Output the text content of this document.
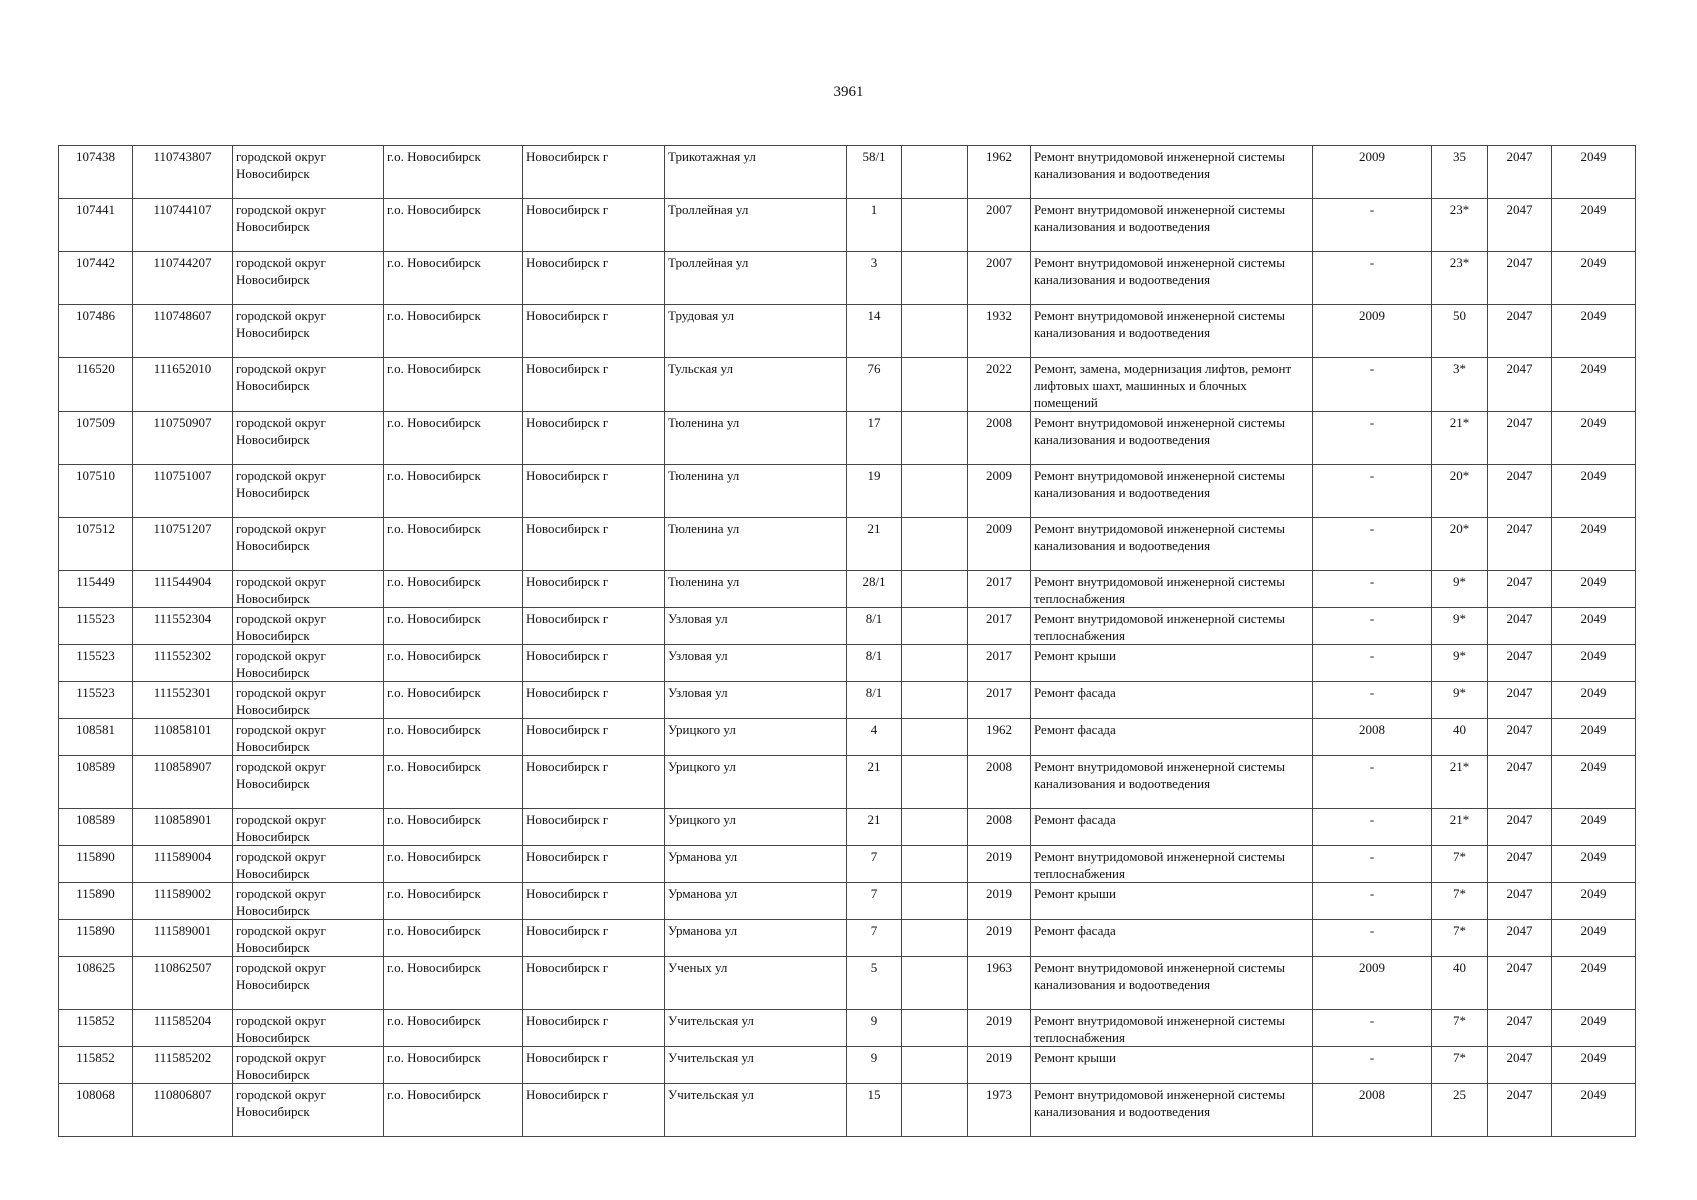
3961
107438	110743807	городской округ Новосибирск	г.о. Новосибирск	Новосибирск г	Трикотажная ул	58/1		1962	Ремонт внутридомовой инженерной системы канализования и водоотведения	2009	35	2047	2049
107441	110744107	городской округ Новосибирск	г.о. Новосибирск	Новосибирск г	Троллейная ул	1		2007	Ремонт внутридомовой инженерной системы канализования и водоотведения	-	23*	2047	2049
107442	110744207	городской округ Новосибирск	г.о. Новосибирск	Новосибирск г	Троллейная ул	3		2007	Ремонт внутридомовой инженерной системы канализования и водоотведения	-	23*	2047	2049
107486	110748607	городской округ Новосибирск	г.о. Новосибирск	Новосибирск г	Трудовая ул	14		1932	Ремонт внутридомовой инженерной системы канализования и водоотведения	2009	50	2047	2049
116520	111652010	городской округ Новосибирск	г.о. Новосибирск	Новосибирск г	Тульская ул	76		2022	Ремонт, замена, модернизация лифтов, ремонт лифтовых шахт, машинных и блочных помещений	-	3*	2047	2049
107509	110750907	городской округ Новосибирск	г.о. Новосибирск	Новосибирск г	Тюленина ул	17		2008	Ремонт внутридомовой инженерной системы канализования и водоотведения	-	21*	2047	2049
107510	110751007	городской округ Новосибирск	г.о. Новосибирск	Новосибирск г	Тюленина ул	19		2009	Ремонт внутридомовой инженерной системы канализования и водоотведения	-	20*	2047	2049
107512	110751207	городской округ Новосибирск	г.о. Новосибирск	Новосибирск г	Тюленина ул	21		2009	Ремонт внутридомовой инженерной системы канализования и водоотведения	-	20*	2047	2049
115449	111544904	городской округ Новосибирск	г.о. Новосибирск	Новосибирск г	Тюленина ул	28/1		2017	Ремонт внутридомовой инженерной системы теплоснабжения	-	9*	2047	2049
115523	111552304	городской округ Новосибирск	г.о. Новосибирск	Новосибирск г	Узловая ул	8/1		2017	Ремонт внутридомовой инженерной системы теплоснабжения	-	9*	2047	2049
115523	111552302	городской округ Новосибирск	г.о. Новосибирск	Новосибирск г	Узловая ул	8/1		2017	Ремонт крыши	-	9*	2047	2049
115523	111552301	городской округ Новосибирск	г.о. Новосибирск	Новосибирск г	Узловая ул	8/1		2017	Ремонт фасада	-	9*	2047	2049
108581	110858101	городской округ Новосибирск	г.о. Новосибирск	Новосибирск г	Урицкого ул	4		1962	Ремонт фасада	2008	40	2047	2049
108589	110858907	городской округ Новосибирск	г.о. Новосибирск	Новосибирск г	Урицкого ул	21		2008	Ремонт внутридомовой инженерной системы канализования и водоотведения	-	21*	2047	2049
108589	110858901	городской округ Новосибирск	г.о. Новосибирск	Новосибирск г	Урицкого ул	21		2008	Ремонт фасада	-	21*	2047	2049
115890	111589004	городской округ Новосибирск	г.о. Новосибирск	Новосибирск г	Урманова ул	7		2019	Ремонт внутридомовой инженерной системы теплоснабжения	-	7*	2047	2049
115890	111589002	городской округ Новосибирск	г.о. Новосибирск	Новосибирск г	Урманова ул	7		2019	Ремонт крыши	-	7*	2047	2049
115890	111589001	городской округ Новосибирск	г.о. Новосибирск	Новосибирск г	Урманова ул	7		2019	Ремонт фасада	-	7*	2047	2049
108625	110862507	городской округ Новосибирск	г.о. Новосибирск	Новосибирск г	Ученых ул	5		1963	Ремонт внутридомовой инженерной системы канализования и водоотведения	2009	40	2047	2049
115852	111585204	городской округ Новосибирск	г.о. Новосибирск	Новосибирск г	Учительская ул	9		2019	Ремонт внутридомовой инженерной системы теплоснабжения	-	7*	2047	2049
115852	111585202	городской округ Новосибирск	г.о. Новосибирск	Новосибирск г	Учительская ул	9		2019	Ремонт крыши	-	7*	2047	2049
108068	110806807	городской округ Новосибирск	г.о. Новосибирск	Новосибирск г	Учительская ул	15		1973	Ремонт внутридомовой инженерной системы канализования и водоотведения	2008	25	2047	2049
